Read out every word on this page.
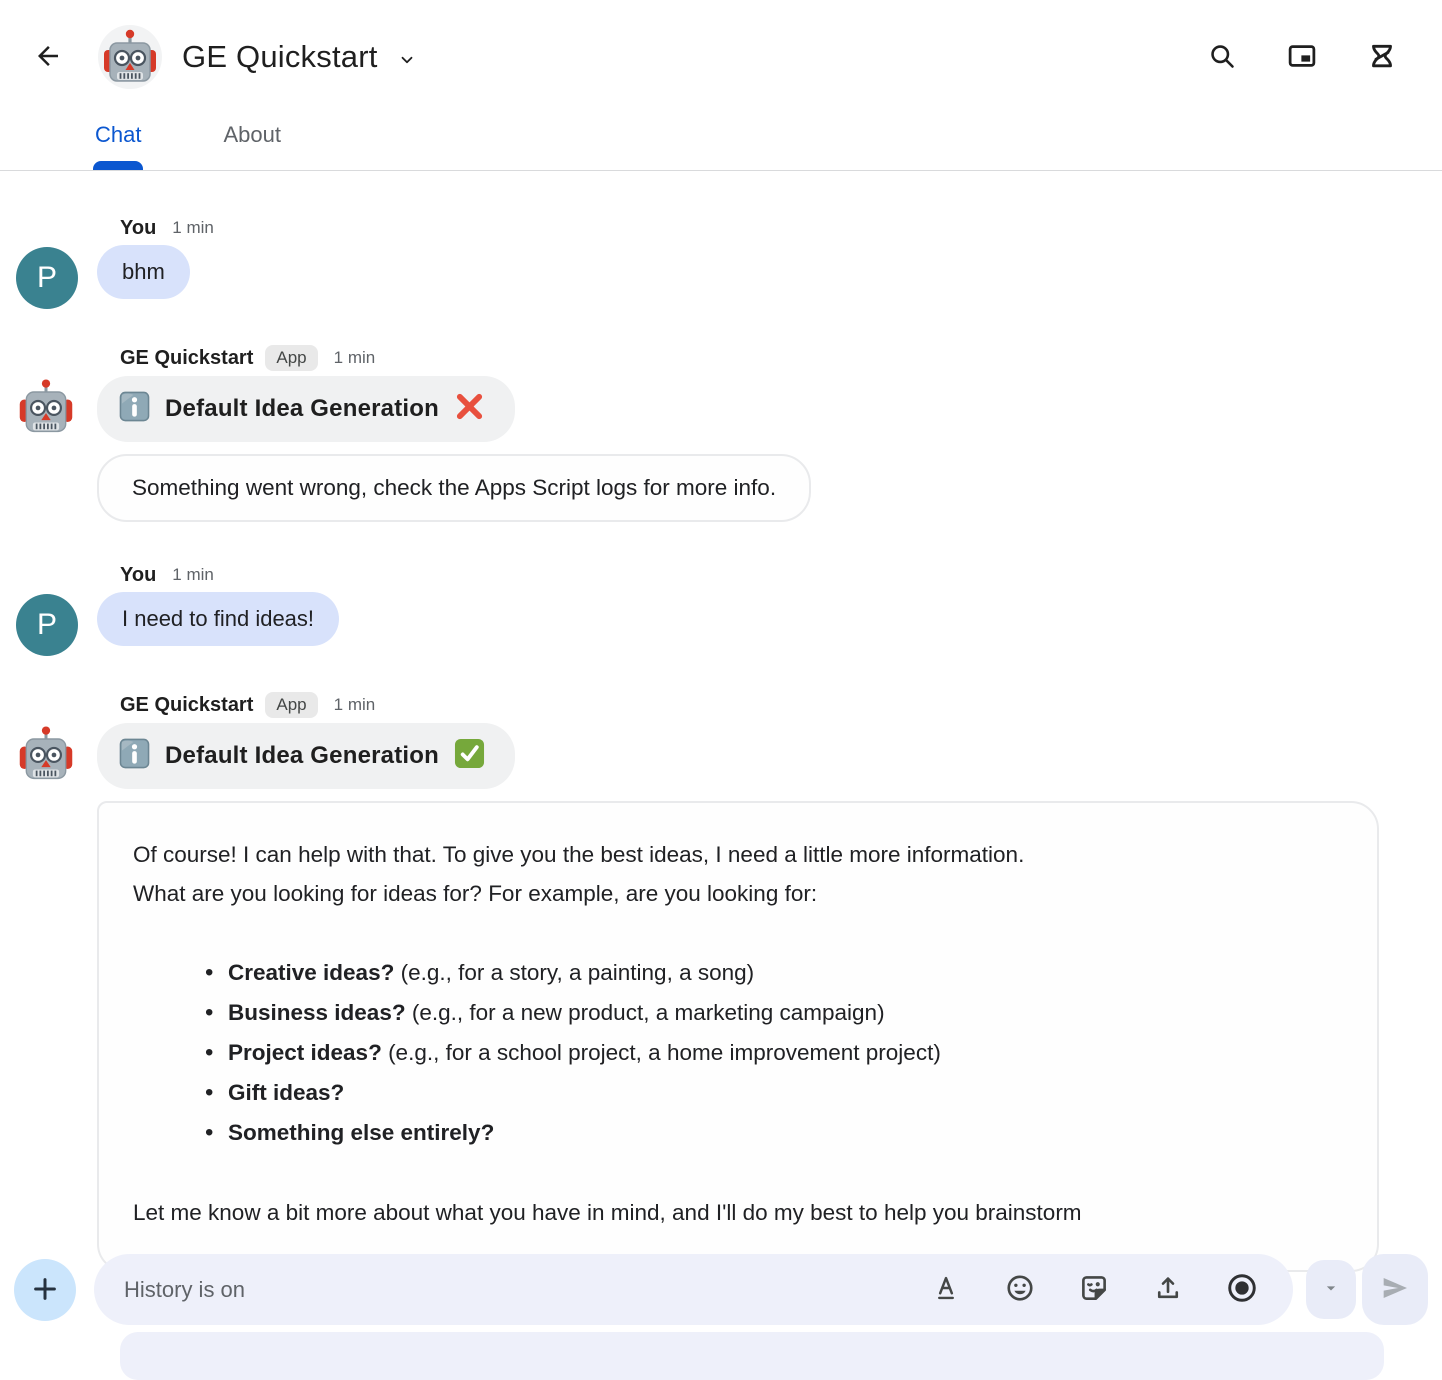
GE Quickstart
Chat	About
P
You 1 min
bhm
GE Quickstart	App	1 min
Default Idea Generation
Something went wrong, check the Apps Script logs for more info.
P
You 1 min
I need to find ideas!
GE Quickstart	App	1 min
Default Idea Generation
Of course! I can help with that. To give you the best ideas, I need a little more information.
What are you looking for ideas for? For example, are you looking for:
• Creative ideas? (e.g., for a story, a painting, a song)
• Business ideas? (e.g., for a new product, a marketing campaign)
• Project ideas? (e.g., for a school project, a home improvement project)
• Gift ideas?
• Something else entirely?
Let me know a bit more about what you have in mind, and I'll do my best to help you brainstorm
History is on
